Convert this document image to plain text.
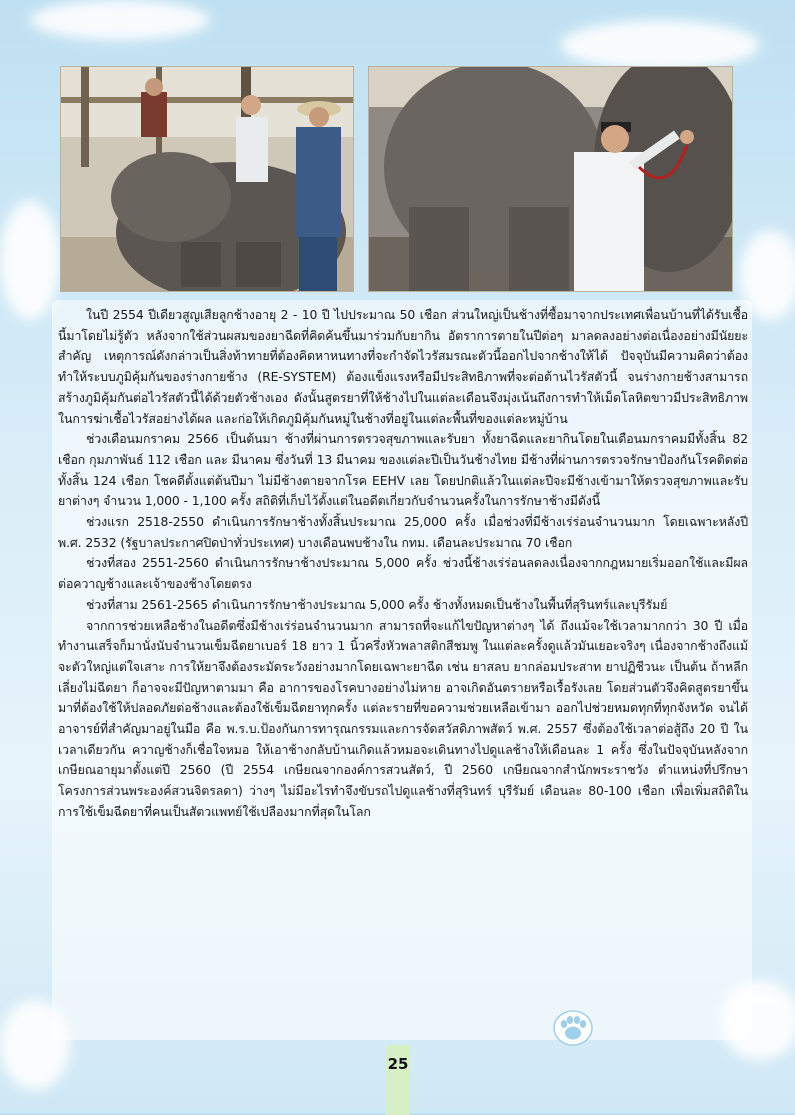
ในปี 2554 ปีเดียวสูญเสียลูกช้างอายุ 2 - 10 ปี ไปประมาณ 50 เชือก ส่วนใหญ่เป็นช้างที่ซื้อมาจากประเทศเพื่อนบ้านที่ได้รับเชื้อนี้มาโดยไม่รู้ตัว หลังจากใช้ส่วนผสมของยาฉีดที่คิดค้นขึ้นมาร่วมกับยากิน อัตราการตายในปีต่อๆ มาลดลงอย่างต่อเนื่องอย่างมีนัยยะสำคัญ เหตุการณ์ดังกล่าวเป็นสิ่งท้าทายที่ต้องคิดหาหนทางที่จะกำจัดไวรัสมรณะตัวนี้ออกไปจากช้างให้ได้ ปัจจุบันมีความคิดว่าต้องทำให้ระบบภูมิคุ้มกันของร่างกายช้าง (RE-SYSTEM) ต้องแข็งแรงหรือมีประสิทธิภาพที่จะต่อต้านไวรัสตัวนี้ จนร่างกายช้างสามารถสร้างภูมิคุ้มกันต่อไวรัสตัวนี้ได้ด้วยตัวช้างเอง ดังนั้นสูตรยาที่ให้ช้างไปในแต่ละเดือนจึงมุ่งเน้นถึงการทำให้เม็ดโลหิตขาวมีประสิทธิภาพในการฆ่าเชื้อไวรัสอย่างได้ผล และก่อให้เกิดภูมิคุ้มกันหมู่ในช้างที่อยู่ในแต่ละพื้นที่ของแต่ละหมู่บ้าน

ช่วงเดือนมกราคม 2566 เป็นต้นมา ช้างที่ผ่านการตรวจสุขภาพและรับยา ทั้งยาฉีดและยากินโดยในเดือนมกราคมมีทั้งสิ้น 82 เชือก กุมภาพันธ์ 112 เชือก และ มีนาคม ซึ่งวันที่ 13 มีนาคม ของแต่ละปีเป็นวันช้างไทย มีช้างที่ผ่านการตรวจรักษาป้องกันโรคติดต่อทั้งสิ้น 124 เชือก โชคดีตั้งแต่ต้นปีมา ไม่มีช้างตายจากโรค EEHV เลย โดยปกติแล้วในแต่ละปีจะมีช้างเข้ามาให้ตรวจสุขภาพและรับยาต่างๆ จำนวน 1,000 - 1,100 ครั้ง สถิติที่เก็บไว้ตั้งแต่ในอดีตเกี่ยวกับจำนวนครั้งในการรักษาช้างมีดังนี้

ช่วงแรก 2518-2550 ดำเนินการรักษาช้างทั้งสิ้นประมาณ 25,000 ครั้ง เมื่อช่วงที่มีช้างเร่ร่อนจำนวนมาก โดยเฉพาะหลังปี พ.ศ. 2532 (รัฐบาลประกาศปิดป่าทั่วประเทศ) บางเดือนพบช้างใน กทม. เดือนละประมาณ 70 เชือก

ช่วงที่สอง 2551-2560 ดำเนินการรักษาช้างประมาณ 5,000 ครั้ง ช่วงนี้ช้างเร่ร่อนลดลงเนื่องจากกฎหมายเริ่มออกใช้และมีผลต่อควาญช้างและเจ้าของช้างโดยตรง

ช่วงที่สาม 2561-2565 ดำเนินการรักษาช้างประมาณ 5,000 ครั้ง ช้างทั้งหมดเป็นช้างในพื้นที่สุรินทร์และบุรีรัมย์

จากการช่วยเหลือช้างในอดีตซึ่งมีช้างเร่ร่อนจำนวนมาก สามารถที่จะแก้ไขปัญหาต่างๆ ได้ ถึงแม้จะใช้เวลามากกว่า 30 ปี เมื่อทำงานเสร็จก็มานั่งนับจำนวนเข็มฉีดยาเบอร์ 18 ยาว 1 นิ้วครึ่งหัวพลาสติกสีชมพู ในแต่ละครั้งดูแล้วมันเยอะจริงๆ เนื่องจากช้างถึงแม้จะตัวใหญ่แต่ใจเสาะ การให้ยาจึงต้องระมัดระวังอย่างมากโดยเฉพาะยาฉีด เช่น ยาสลบ ยากล่อมประสาท ยาปฏิชีวนะ เป็นต้น ถ้าหลีกเลี่ยงไม่ฉีดยา ก็อาจจะมีปัญหาตามมา คือ อาการของโรคบางอย่างไม่หาย อาจเกิดอันตรายหรือเรื้อรังเลย โดยส่วนตัวจึงคิดสูตรยาขึ้นมาที่ต้องใช้ให้ปลอดภัยต่อช้างและต้องใช้เข็มฉีดยาทุกครั้ง แต่ละรายที่ขอความช่วยเหลือเข้ามา ออกไปช่วยหมดทุกที่ทุกจังหวัด จนได้อาจารย์ที่สำคัญมาอยู่ในมือ คือ พ.ร.บ.ป้องกันการทารุณกรรมและการจัดสวัสดิภาพสัตว์ พ.ศ. 2557 ซึ่งต้องใช้เวลาต่อสู้ถึง 20 ปี ในเวลาเดียวกัน ควาญช้างก็เชื่อใจหมอ ให้เอาช้างกลับบ้านเกิดแล้วหมอจะเดินทางไปดูแลช้างให้เดือนละ 1 ครั้ง ซึ่งในปัจจุบันหลังจากเกษียณอายุมาตั้งแต่ปี 2560 (ปี 2554 เกษียณจากองค์การสวนสัตว์, ปี 2560 เกษียณจากสำนักพระราชวัง ตำแหน่งที่ปรึกษาโครงการส่วนพระองค์สวนจิตรลดา) ว่างๆ ไม่มีอะไรทำจึงขับรถไปดูแลช้างที่สุรินทร์ บุรีรัมย์ เดือนละ 80-100 เชือก เพื่อเพิ่มสถิติในการใช้เข็มฉีดยาที่คนเป็นสัตวแพทย์ใช้เปลืองมากที่สุดในโลก

25
